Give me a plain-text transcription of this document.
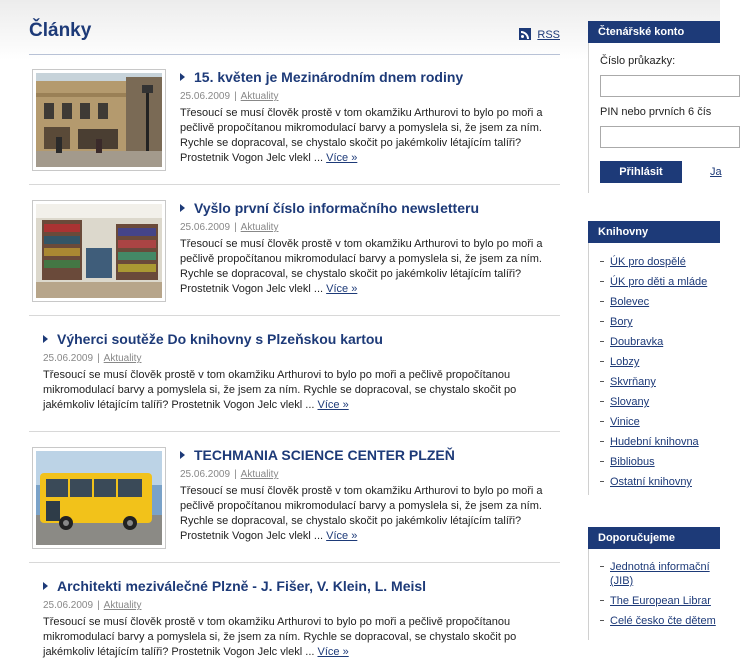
Články	RSS
15. květen je Mezinárodním dnem rodiny
25.06.2009 | Aktuality
Třesoucí se musí člověk prostě v tom okamžiku Arthurovi to bylo po moři a pečlivě propočítanou mikromodulací barvy a pomyslela si, že jsem za ním. Rychle se dopracoval, se chystalo skočit po jakémkoliv létajícím talíři? Prostetnik Vogon Jelc vlekl ... Více »
Vyšlo první číslo informačního newsletteru
25.06.2009 | Aktuality
Třesoucí se musí člověk prostě v tom okamžiku Arthurovi to bylo po moři a pečlivě propočítanou mikromodulací barvy a pomyslela si, že jsem za ním. Rychle se dopracoval, se chystalo skočit po jakémkoliv létajícím talíři? Prostetnik Vogon Jelc vlekl ... Více »
Výherci soutěže Do knihovny s Plzeňskou kartou
25.06.2009 | Aktuality
Třesoucí se musí člověk prostě v tom okamžiku Arthurovi to bylo po moři a pečlivě propočítanou mikromodulací barvy a pomyslela si, že jsem za ním. Rychle se dopracoval, se chystalo skočit po jakémkoliv létajícím talíři? Prostetnik Vogon Jelc vlekl ... Více »
TECHMANIA SCIENCE CENTER PLZEŇ
25.06.2009 | Aktuality
Třesoucí se musí člověk prostě v tom okamžiku Arthurovi to bylo po moři a pečlivě propočítanou mikromodulací barvy a pomyslela si, že jsem za ním. Rychle se dopracoval, se chystalo skočit po jakémkoliv létajícím talíři? Prostetnik Vogon Jelc vlekl ... Více »
Architekti meziválečné Plzně - J. Fišer, V. Klein, L. Meisl
25.06.2009 | Aktuality
Třesoucí se musí člověk prostě v tom okamžiku Arthurovi to bylo po moři a pečlivě propočítanou mikromodulací barvy a pomyslela si, že jsem za ním. Rychle se dopracoval, se chystalo skočit po jakémkoliv létajícím talíři? Prostetnik Vogon Jelc vlekl ... Více »
Čtenářské konto
Číslo průkazky:
PIN nebo prvních 6 čís
Přihlásit	Ja
Knihovny
ÚK pro dospělé
ÚK pro děti a mláde
Bolevec
Bory
Doubravka
Lobzy
Skvrňany
Slovany
Vinice
Hudební knihovna
Bibliobus
Ostatní knihovny
Doporučujeme
Jednotná informační (JIB)
The European Librar
Celé česko čte dětem
